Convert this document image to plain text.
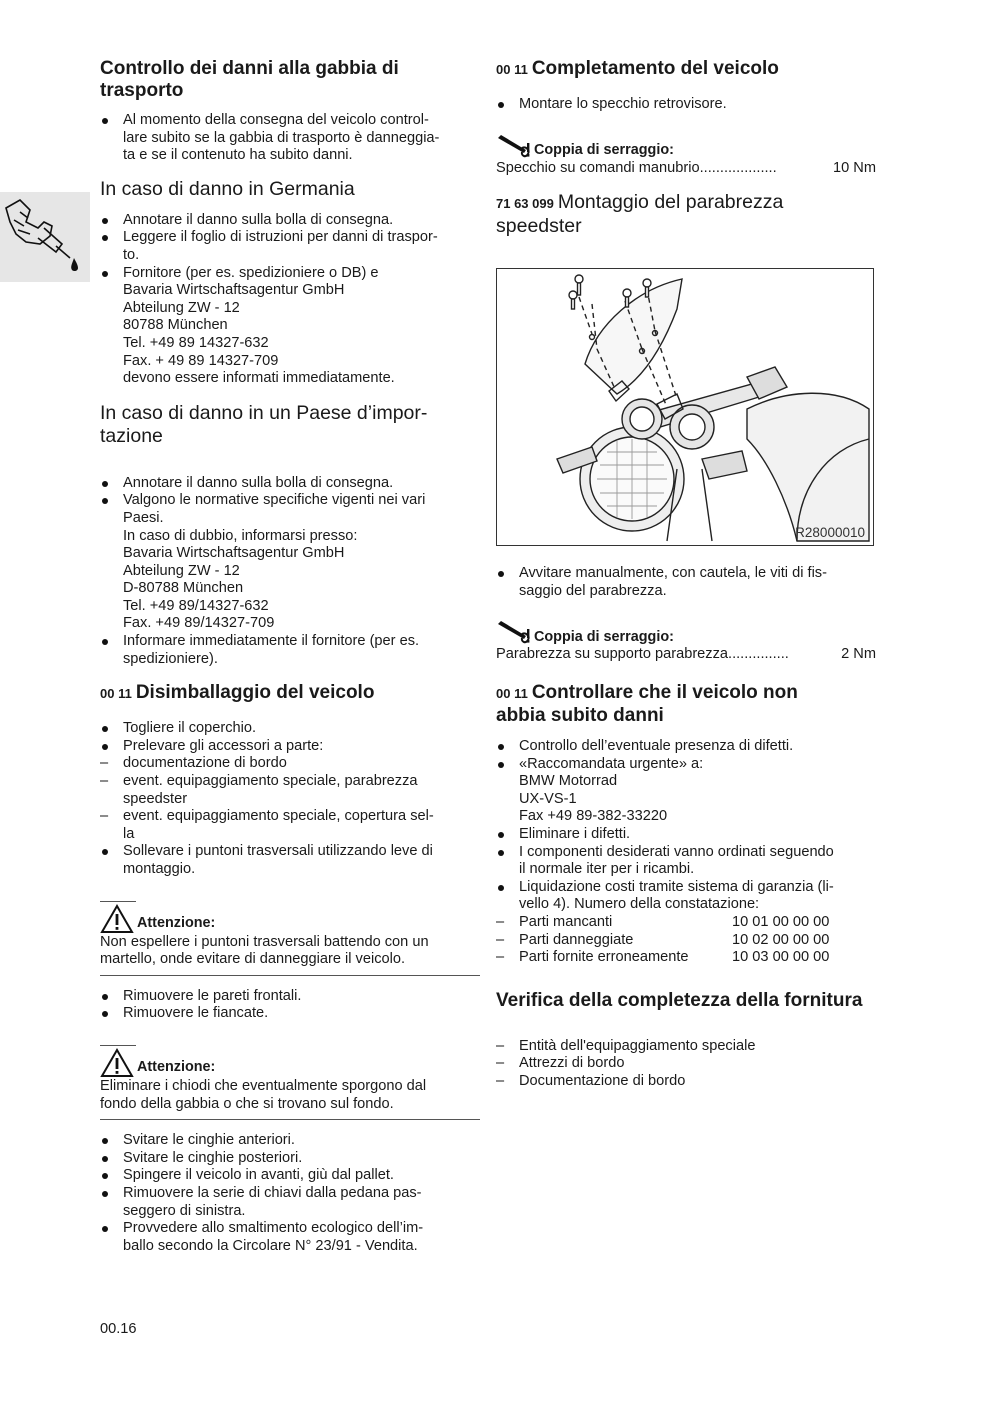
Controllo dei danni alla gabbia di trasporto
Al momento della consegna del veicolo control-
lare subito se la gabbia di trasporto è danneggia-
ta e se il contenuto ha subito danni.
In caso di danno in Germania
Annotare il danno sulla bolla di consegna.
Leggere il foglio di istruzioni per danni di traspor-
to.
Fornitore (per es. spedizioniere o DB) e
Bavaria Wirtschaftsagentur GmbH
Abteilung ZW - 12
80788 München
Tel. +49 89 14327-632
Fax. + 49 89 14327-709
devono essere informati immediatamente.
In caso di danno in un Paese d’impor-
tazione
Annotare il danno sulla bolla di consegna.
Valgono le normative specifiche vigenti nei vari
Paesi.
In caso di dubbio, informarsi presso:
Bavaria Wirtschaftsagentur GmbH
Abteilung ZW - 12
D-80788 München
Tel. +49 89/14327-632
Fax. +49 89/14327-709
Informare immediatamente il fornitore (per es.
spedizioniere).
00 11 Disimballaggio del veicolo
Togliere il coperchio.
Prelevare gli accessori a parte:
– documentazione di bordo
– event. equipaggiamento speciale, parabrezza
speedster
– event. equipaggiamento speciale, copertura sel-
la
Sollevare i puntoni trasversali utilizzando leve di
montaggio.
Attenzione:
Non espellere i puntoni trasversali battendo con un
martello, onde evitare di danneggiare il veicolo.
Rimuovere le pareti frontali.
Rimuovere le fiancate.
Attenzione:
Eliminare i chiodi che eventualmente sporgono dal
fondo della gabbia o che si trovano sul fondo.
Svitare le cinghie anteriori.
Svitare le cinghie posteriori.
Spingere il veicolo in avanti, giù dal pallet.
Rimuovere la serie di chiavi dalla pedana pas-
seggero di sinistra.
Provvedere allo smaltimento ecologico dell’im-
ballo secondo la Circolare N° 23/91 - Vendita.
00 11 Completamento del veicolo
Montare lo specchio retrovisore.
Coppia di serraggio:
Specchio su comandi manubrio ...................	10 Nm
71 63 099 Montaggio del parabrezza
speedster
R28000010
Avvitare manualmente, con cautela, le viti di fis-
saggio del parabrezza.
Coppia di serraggio:
Parabrezza su supporto parabrezza ...............	2 Nm
00 11 Controllare che il veicolo non
abbia subito danni
Controllo dell’eventuale presenza di difetti.
«Raccomandata urgente» a:
BMW Motorrad
UX-VS-1
Fax +49 89-382-33220
Eliminare i difetti.
I componenti desiderati vanno ordinati seguendo
il normale iter per i ricambi.
Liquidazione costi tramite sistema di garanzia (li-
vello 4). Numero della constatazione:
– Parti mancanti	10 01 00 00 00
– Parti danneggiate	10 02 00 00 00
– Parti fornite erroneamente	10 03 00 00 00
Verifica della completezza della fornitura
– Entità dell'equipaggiamento speciale
– Attrezzi di bordo
– Documentazione di bordo
00.16
